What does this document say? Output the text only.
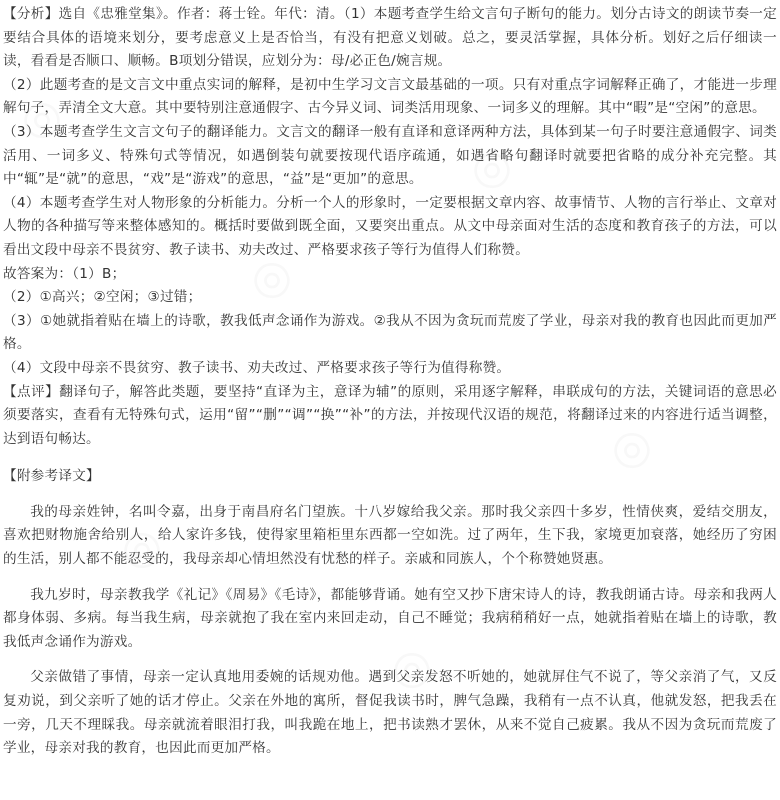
【分析】选自《忠雅堂集》。作者：蒋士铨。年代：清。（1）本题考查学生给文言句子断句的能力。划分古诗文的朗读节奏一定要结合具体的语境来划分，要考虑意义上是否恰当，有没有把意义划破。总之，要灵活掌握，具体分析。划好之后仔细读一读，看看是否顺口、顺畅。B项划分错误，应划分为：母/必正色/婉言规。

（2）此题考查的是文言文中重点实词的解释，是初中生学习文言文最基础的一项。只有对重点字词解释正确了，才能进一步理解句子，弄清全文大意。其中要特别注意通假字、古今异义词、词类活用现象、一词多义的理解。其中“暇”是“空闲”的意思。

（3）本题考查学生文言文句子的翻译能力。文言文的翻译一般有直译和意译两种方法，具体到某一句子时要注意通假字、词类活用、一词多义、特殊句式等情况，如遇倒装句就要按现代语序疏通，如遇省略句翻译时就要把省略的成分补充完整。其中“辄”是“就”的意思，“戏”是“游戏”的意思，“益”是“更加”的意思。

（4）本题考查学生对人物形象的分析能力。分析一个人的形象时，一定要根据文章内容、故事情节、人物的言行举止、文章对人物的各种描写等来整体感知的。概括时要做到既全面，又要突出重点。从文中母亲面对生活的态度和教育孩子的方法，可以看出文段中母亲不畏贫穷、教子读书、劝夫改过、严格要求孩子等行为值得人们称赞。

故答案为：（1）B；

（2）①高兴；②空闲；③过错；

（3）①她就指着贴在墙上的诗歌，教我低声念诵作为游戏。②我从不因为贪玩而荒废了学业，母亲对我的教育也因此而更加严格。

（4）文段中母亲不畏贫穷、教子读书、劝夫改过、严格要求孩子等行为值得称赞。

【点评】翻译句子，解答此类题，要坚持“直译为主，意译为辅”的原则，采用逐字解释，串联成句的方法，关键词语的意思必须要落实，查看有无特殊句式，运用“留”“删”“调”“换”“补”的方法，并按现代汉语的规范，将翻译过来的内容进行适当调整，达到语句畅达。

【附参考译文】

我的母亲姓钟，名叫令嘉，出身于南昌府名门望族。十八岁嫁给我父亲。那时我父亲四十多岁，性情侠爽，爱结交朋友，喜欢把财物施舍给别人，给人家许多钱，使得家里箱柜里东西都一空如洗。过了两年，生下我，家境更加衰落，她经历了穷困的生活，别人都不能忍受的，我母亲却心情坦然没有忧愁的样子。亲戚和同族人，个个称赞她贤惠。

我九岁时，母亲教我学《礼记》《周易》《毛诗》，都能够背诵。她有空又抄下唐宋诗人的诗，教我朗诵古诗。母亲和我两人都身体弱、多病。每当我生病，母亲就抱了我在室内来回走动，自己不睡觉；我病稍稍好一点，她就指着贴在墙上的诗歌，教我低声念诵作为游戏。

父亲做错了事情，母亲一定认真地用委婉的话规劝他。遇到父亲发怒不听她的，她就屏住气不说了，等父亲消了气，又反复劝说，到父亲听了她的话才停止。父亲在外地的寓所，督促我读书时，脾气急躁，我稍有一点不认真，他就发怒，把我丢在一旁，几天不理睬我。母亲就流着眼泪打我，叫我跪在地上，把书读熟才罢休，从来不觉自己疲累。我从不因为贪玩而荒废了学业，母亲对我的教育，也因此而更加严格。

◎
◎
◎
◎
◎
◎
